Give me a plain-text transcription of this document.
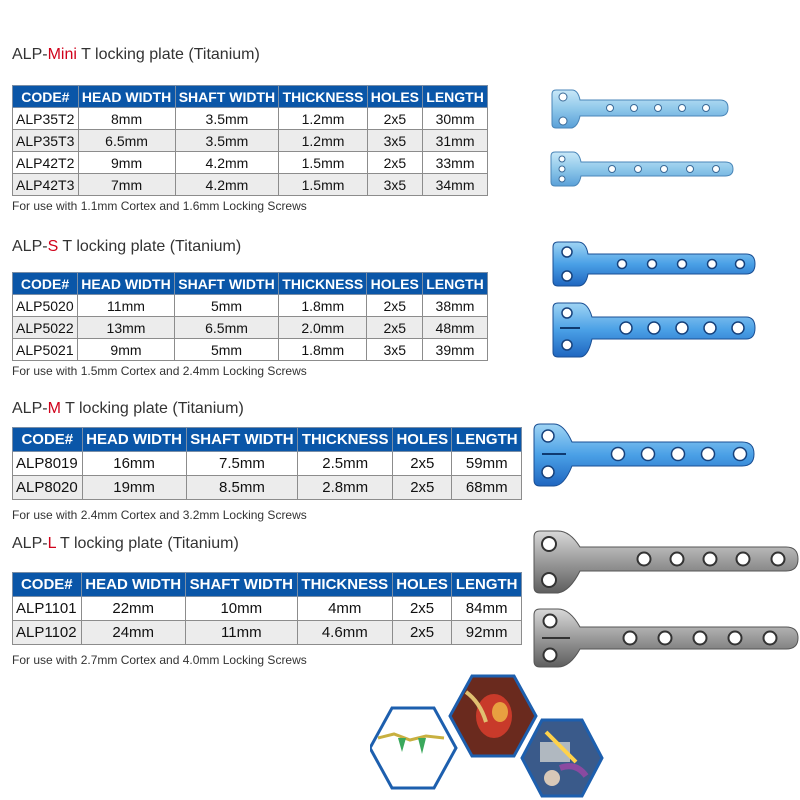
ALP-Mini T locking plate (Titanium)
CODE#	HEAD WIDTH	SHAFT WIDTH	THICKNESS	HOLES	LENGTH
ALP35T2	8mm	3.5mm	1.2mm	2x5	30mm
ALP35T3	6.5mm	3.5mm	1.2mm	3x5	31mm
ALP42T2	9mm	4.2mm	1.5mm	2x5	33mm
ALP42T3	7mm	4.2mm	1.5mm	3x5	34mm
For use with 1.1mm Cortex and 1.6mm Locking Screws
ALP-S T locking plate (Titanium)
CODE#	HEAD WIDTH	SHAFT WIDTH	THICKNESS	HOLES	LENGTH
ALP5020	11mm	5mm	1.8mm	2x5	38mm
ALP5022	13mm	6.5mm	2.0mm	2x5	48mm
ALP5021	9mm	5mm	1.8mm	3x5	39mm
For use with 1.5mm Cortex and 2.4mm Locking Screws
ALP-M T locking plate (Titanium)
CODE#	HEAD WIDTH	SHAFT WIDTH	THICKNESS	HOLES	LENGTH
ALP8019	16mm	7.5mm	2.5mm	2x5	59mm
ALP8020	19mm	8.5mm	2.8mm	2x5	68mm
For use with 2.4mm Cortex and 3.2mm Locking Screws
ALP-L T locking plate (Titanium)
CODE#	HEAD WIDTH	SHAFT WIDTH	THICKNESS	HOLES	LENGTH
ALP1101	22mm	10mm	4mm	2x5	84mm
ALP1102	24mm	11mm	4.6mm	2x5	92mm
For use with 2.7mm Cortex and 4.0mm Locking Screws
